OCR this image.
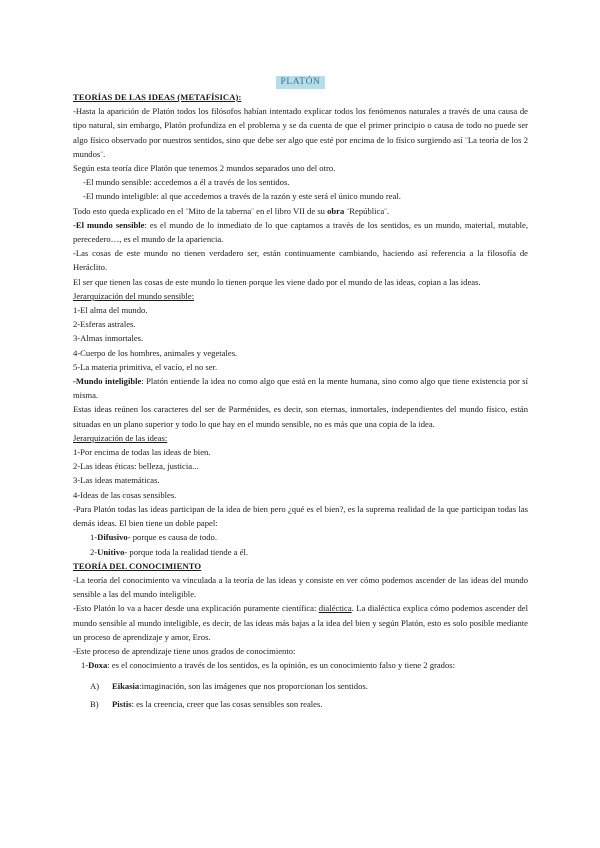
PLATÓN

TEORÍAS DE LAS IDEAS (METAFÍSICA):

-Hasta la aparición de Platón todos los filósofos habían intentado explicar todos los fenómenos naturales a través de una causa de tipo natural, sin embargo, Platón profundiza en el problema y se da cuenta de que el primer principio o causa de todo no puede ser algo físico observado por nuestros sentidos, sino que debe ser algo que esté por encima de lo físico surgiendo así ¨La teoría de los 2 mundos¨.

Según esta teoría dice Platón que tenemos 2 mundos separados uno del otro.

-El mundo sensible: accedemos a él a través de los sentidos.

-El mundo inteligible: al que accedemos a través de la razón y este será el único mundo real.

Todo esto queda explicado en el ¨Mito de la taberna¨ en el libro VII de su obra ¨República¨.

-El mundo sensible: es el mundo de lo inmediato de lo que captamos a través de los sentidos, es un mundo, material, mutable, perecedero…, es el mundo de la apariencia.

-Las cosas de este mundo no tienen verdadero ser, están continuamente cambiando, haciendo así referencia a la filosofía de Heráclito.

El ser que tienen las cosas de este mundo lo tienen porque les viene dado por el mundo de las ideas, copian a las ideas.

Jerarquización del mundo sensible:

1-El alma del mundo.

2-Esferas astrales.

3-Almas inmortales.

4-Cuerpo de los hombres, animales y vegetales.

5-La materia primitiva, el vacío, el no ser.

-Mundo inteligible: Platón entiende la idea no como algo que está en la mente humana, sino como algo que tiene existencia por sí misma.

Estas ideas reúnen los caracteres del ser de Parménides, es decir, son eternas, inmortales, independientes del mundo físico, están situadas en un plano superior y todo lo que hay en el mundo sensible, no es más que una copia de la idea.

Jerarquización de las ideas:

1-Por encima de todas las ideas de bien.

2-Las ideas éticas: belleza, justicia...

3-Las ideas matemáticas.

4-Ideas de las cosas sensibles.

-Para Platón todas las ideas participan de la idea de bien pero ¿qué es el bien?, es la suprema realidad de la que participan todas las demás ideas. El bien tiene un doble papel:

1-Difusivo- porque es causa de todo.

2-Unitivo- porque toda la realidad tiende a él.

TEORÍA DEL CONOCIMIENTO

-La teoría del conocimiento va vinculada a la teoría de las ideas y consiste en ver cómo podemos ascender de las ideas del mundo sensible a las del mundo inteligible.

-Esto Platón lo va a hacer desde una explicación puramente científica: dialéctica. La dialéctica explica cómo podemos ascender del mundo sensible al mundo inteligible, es decir, de las ideas más bajas a la idea del bien y según Platón, esto es solo posible mediante un proceso de aprendizaje y amor, Eros.

-Este proceso de aprendizaje tiene unos grados de conocimiento:

1-Doxa: es el conocimiento a través de los sentidos, es la opinión, es un conocimiento falso y tiene 2 grados:

A)	Eikasia:imaginación, son las imágenes que nos proporcionan los sentidos.
B)	Pistis: es la creencia, creer que las cosas sensibles son reales.
